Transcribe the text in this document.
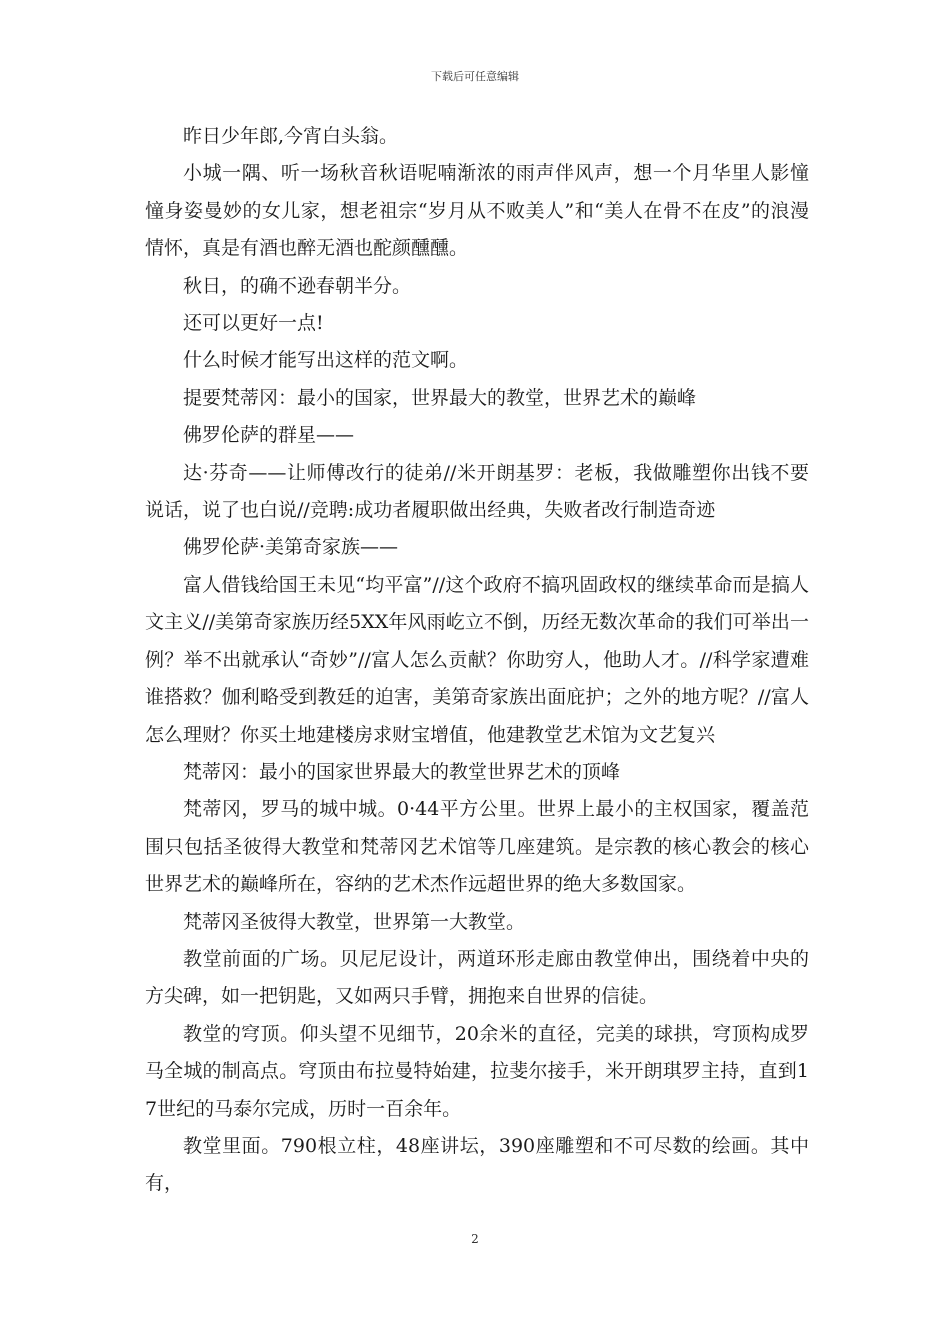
下载后可任意编辑

昨日少年郎,今宵白头翁。

小城一隅、听一场秋音秋语呢喃渐浓的雨声伴风声，想一个月华里人影憧憧身姿曼妙的女儿家，想老祖宗“岁月从不败美人”和“美人在骨不在皮”的浪漫情怀，真是有酒也醉无酒也酡颜醺醺。

秋日，的确不逊春朝半分。

还可以更好一点!

什么时候才能写出这样的范文啊。

提要梵蒂冈：最小的国家，世界最大的教堂，世界艺术的巅峰

佛罗伦萨的群星——

达·芬奇——让师傅改行的徒弟//米开朗基罗：老板，我做雕塑你出钱不要说话，说了也白说//竞聘:成功者履职做出经典，失败者改行制造奇迹

佛罗伦萨·美第奇家族——

富人借钱给国王未见“均平富”//这个政府不搞巩固政权的继续革命而是搞人文主义//美第奇家族历经5XX年风雨屹立不倒，历经无数次革命的我们可举出一例？举不出就承认“奇妙”//富人怎么贡献？你助穷人，他助人才。//科学家遭难谁搭救？伽利略受到教廷的迫害，美第奇家族出面庇护；之外的地方呢？//富人怎么理财？你买土地建楼房求财宝增值，他建教堂艺术馆为文艺复兴

梵蒂冈：最小的国家世界最大的教堂世界艺术的顶峰

梵蒂冈，罗马的城中城。0·44平方公里。世界上最小的主权国家，覆盖范围只包括圣彼得大教堂和梵蒂冈艺术馆等几座建筑。是宗教的核心教会的核心世界艺术的巅峰所在，容纳的艺术杰作远超世界的绝大多数国家。

梵蒂冈圣彼得大教堂，世界第一大教堂。

教堂前面的广场。贝尼尼设计，两道环形走廊由教堂伸出，围绕着中央的方尖碑，如一把钥匙，又如两只手臂，拥抱来自世界的信徒。

教堂的穹顶。仰头望不见细节，20余米的直径，完美的球拱，穹顶构成罗马全城的制高点。穹顶由布拉曼特始建，拉斐尔接手，米开朗琪罗主持，直到17世纪的马泰尔完成，历时一百余年。

教堂里面。790根立柱，48座讲坛，390座雕塑和不可尽数的绘画。其中有，

2
